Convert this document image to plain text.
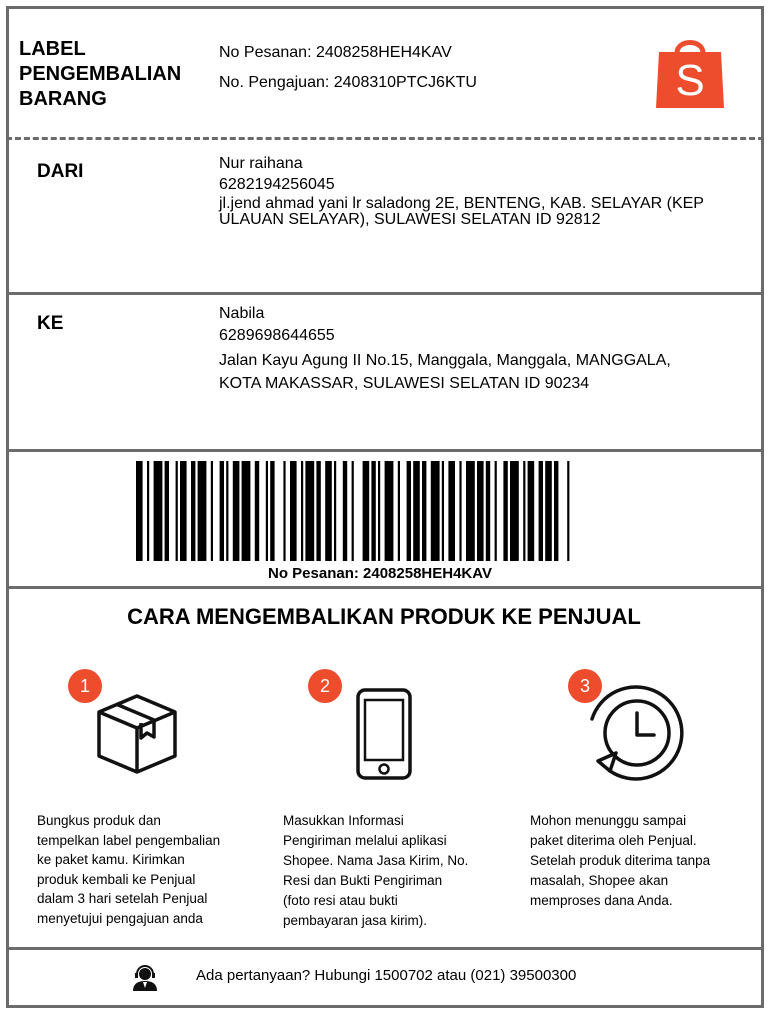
LABEL
PENGEMBALIAN
BARANG
No Pesanan: 2408258HEH4KAV
No. Pengajuan: 2408310PTCJ6KTU	S
DARI	Nur raihana
6282194256045
jl.jend ahmad yani lr saladong 2E, BENTENG, KAB. SELAYAR (KEP
ULAUAN SELAYAR), SULAWESI SELATAN ID 92812
KE	Nabila
6289698644655
Jalan Kayu Agung II No.15, Manggala, Manggala, MANGGALA,
KOTA MAKASSAR, SULAWESI SELATAN ID 90234
No Pesanan: 2408258HEH4KAV
CARA MENGEMBALIKAN PRODUK KE PENJUAL
1	2	3
Bungkus produk dan
tempelkan label pengembalian
ke paket kamu. Kirimkan
produk kembali ke Penjual
dalam 3 hari setelah Penjual
menyetujui pengajuan anda
Masukkan Informasi
Pengiriman melalui aplikasi
Shopee. Nama Jasa Kirim, No.
Resi dan Bukti Pengiriman
(foto resi atau bukti
pembayaran jasa kirim).
Mohon menunggu sampai
paket diterima oleh Penjual.
Setelah produk diterima tanpa
masalah, Shopee akan
memproses dana Anda.
Ada pertanyaan? Hubungi 1500702 atau (021) 39500300
